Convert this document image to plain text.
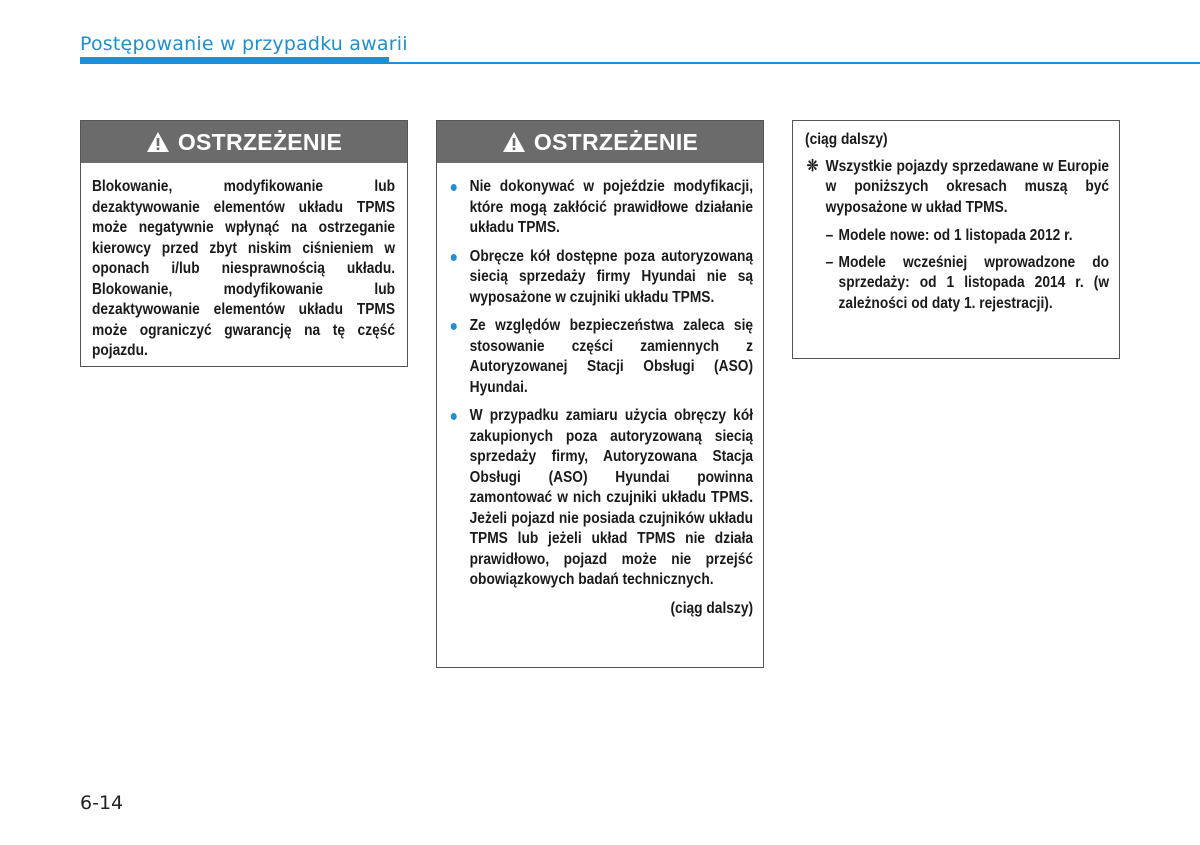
Postępowanie w przypadku awarii
OSTRZEŻENIE
Blokowanie, modyfikowanie lub dezaktywowanie elementów układu TPMS może negatywnie wpłynąć na ostrzeganie kierowcy przed zbyt niskim ciśnieniem w oponach i/lub niesprawnością układu. Blokowanie, modyfikowanie lub dezaktywowanie elementów układu TPMS może ograniczyć gwarancję na tę część pojazdu.
OSTRZEŻENIE
Nie dokonywać w pojeździe modyfikacji, które mogą zakłócić prawidłowe działanie układu TPMS.
Obręcze kół dostępne poza autoryzowaną siecią sprzedaży firmy Hyundai nie są wyposażone w czujniki układu TPMS.
Ze względów bezpieczeństwa zaleca się stosowanie części zamiennych z Autoryzowanej Stacji Obsługi (ASO) Hyundai.
W przypadku zamiaru użycia obręczy kół zakupionych poza autoryzowaną siecią sprzedaży firmy, Autoryzowana Stacja Obsługi (ASO) Hyundai powinna zamontować w nich czujniki układu TPMS. Jeżeli pojazd nie posiada czujników układu TPMS lub jeżeli układ TPMS nie działa prawidłowo, pojazd może nie przejść obowiązkowych badań technicznych.
(ciąg dalszy)
(ciąg dalszy)
❊ Wszystkie pojazdy sprzedawane w Europie w poniższych okresach muszą być wyposażone w układ TPMS.
– Modele nowe: od 1 listopada 2012 r.
– Modele wcześniej wprowadzone do sprzedaży: od 1 listopada 2014 r. (w zależności od daty 1. rejestracji).
6-14
